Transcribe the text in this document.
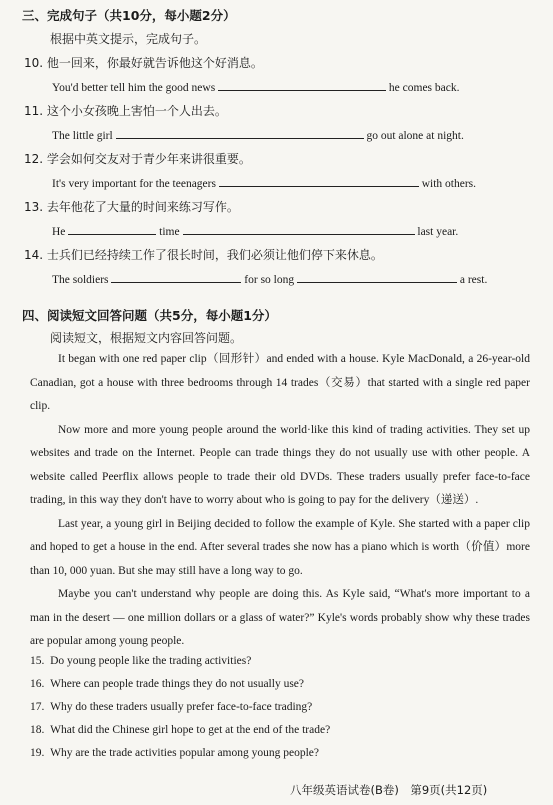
三、完成句子（共10分，每小题2分）
根据中英文提示，完成句子。
10. 他一回来，你最好就告诉他这个好消息。
You'd better tell him the good news	he comes back.
11. 这个小女孩晚上害怕一个人出去。
The little girl	go out alone at night.
12. 学会如何交友对于青少年来讲很重要。
It's very important for the teenagers	with others.
13. 去年他花了大量的时间来练习写作。
He	time	last year.
14. 士兵们已经持续工作了很长时间，我们必须让他们停下来休息。
The soldiers	for so long	a rest.
四、阅读短文回答问题（共5分，每小题1分）
阅读短文，根据短文内容回答问题。
It began with one red paper clip（回形针）and ended with a house. Kyle MacDonald, a 26-year-old Canadian, got a house with three bedrooms through 14 trades（交易）that started with a single red paper clip.
Now more and more young people around the world·like this kind of trading activities. They set up websites and trade on the Internet. People can trade things they do not usually use with other people. A website called Peerflix allows people to trade their old DVDs. These traders usually prefer face-to-face trading, in this way they don't have to worry about who is going to pay for the delivery（递送）.
Last year, a young girl in Beijing decided to follow the example of Kyle. She started with a paper clip and hoped to get a house in the end. After several trades she now has a piano which is worth（价值）more than 10, 000 yuan. But she may still have a long way to go.
Maybe you can't understand why people are doing this. As Kyle said, “What's more important to a man in the desert — one million dollars or a glass of water?” Kyle's words probably show why these trades are popular among young people.
15. Do young people like the trading activities?
16. Where can people trade things they do not usually use?
17. Why do these traders usually prefer face-to-face trading?
18. What did the Chinese girl hope to get at the end of the trade?
19. Why are the trade activities popular among young people?
八年级英语试卷(B卷)　第9页(共12页)
